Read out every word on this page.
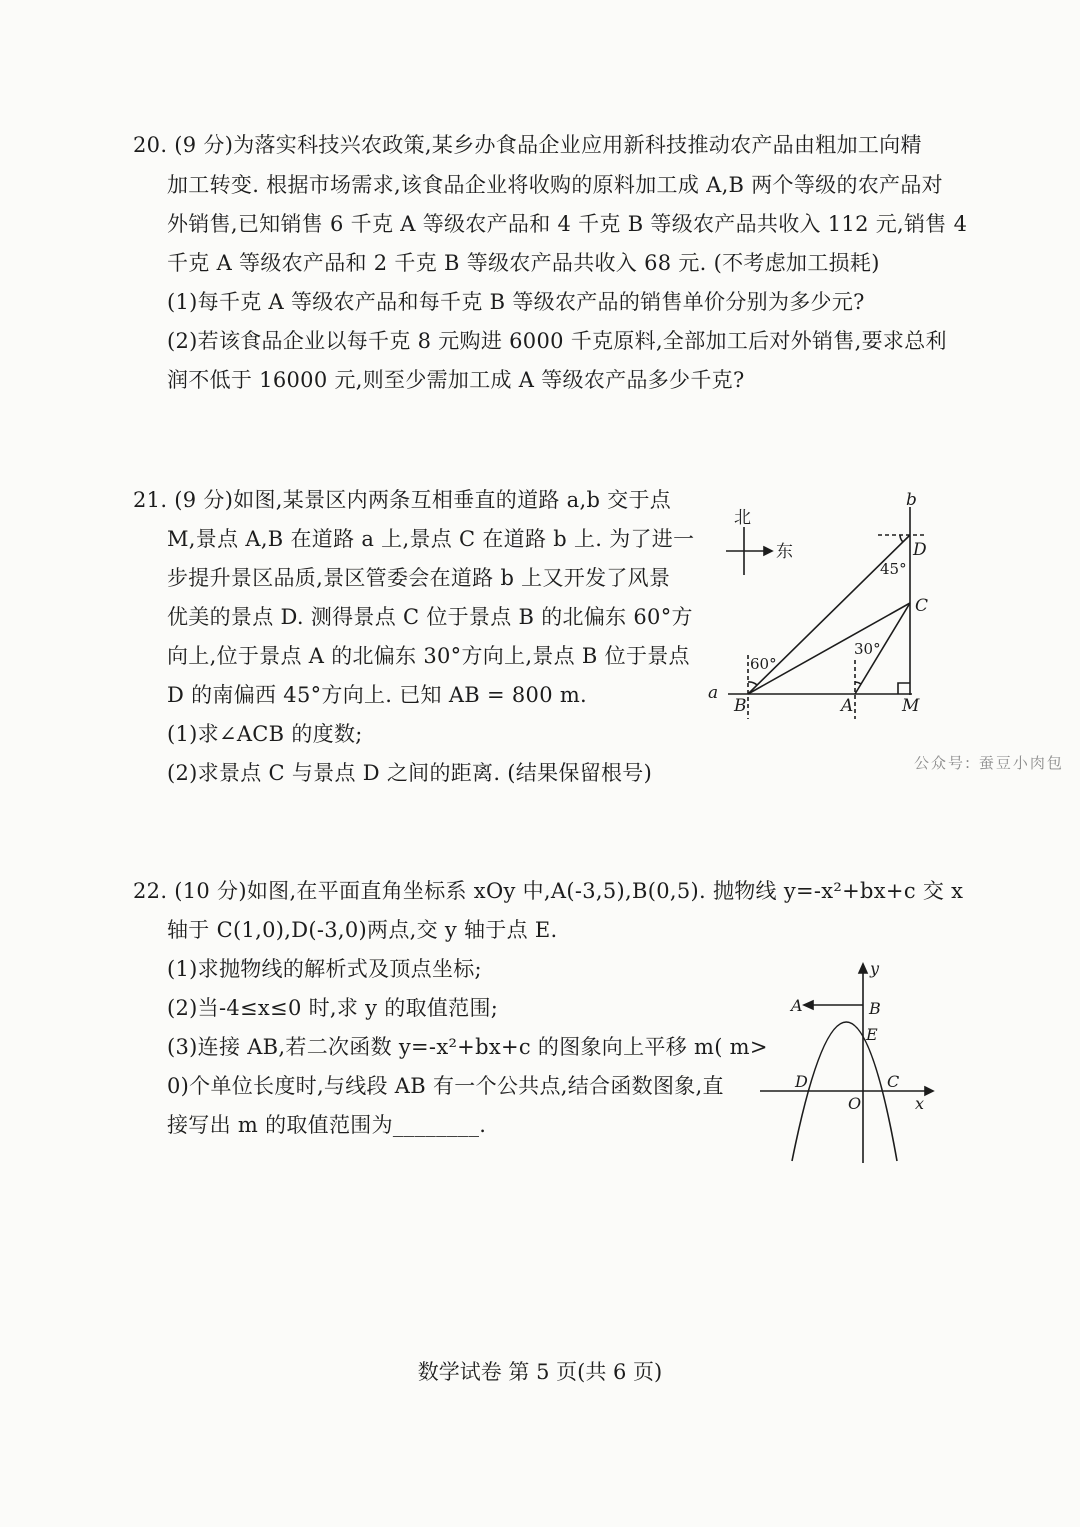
20. (9 分)为落实科技兴农政策,某乡办食品企业应用新科技推动农产品由粗加工向精
加工转变. 根据市场需求,该食品企业将收购的原料加工成 A,B 两个等级的农产品对
外销售,已知销售 6 千克 A 等级农产品和 4 千克 B 等级农产品共收入 112 元,销售 4
千克 A 等级农产品和 2 千克 B 等级农产品共收入 68 元. (不考虑加工损耗)
(1)每千克 A 等级农产品和每千克 B 等级农产品的销售单价分别为多少元?
(2)若该食品企业以每千克 8 元购进 6000 千克原料,全部加工后对外销售,要求总利
润不低于 16000 元,则至少需加工成 A 等级农产品多少千克?
21. (9 分)如图,某景区内两条互相垂直的道路 a,b 交于点
M,景点 A,B 在道路 a 上,景点 C 在道路 b 上. 为了进一
步提升景区品质,景区管委会在道路 b 上又开发了风景
优美的景点 D. 测得景点 C 位于景点 B 的北偏东 60°方
向上,位于景点 A 的北偏东 30°方向上,景点 B 位于景点
D 的南偏西 45°方向上. 已知 AB = 800 m.
(1)求∠ACB 的度数;
(2)求景点 C 与景点 D 之间的距离. (结果保留根号)
北
东
b
D
45°
C
30°
60°
a
B	A	M
公众号: 蚕豆小肉包
22. (10 分)如图,在平面直角坐标系 xOy 中,A(-3,5),B(0,5). 抛物线 y=-x²+bx+c 交 x
轴于 C(1,0),D(-3,0)两点,交 y 轴于点 E.
(1)求抛物线的解析式及顶点坐标;
(2)当-4≤x≤0 时,求 y 的取值范围;
(3)连接 AB,若二次函数 y=-x²+bx+c 的图象向上平移 m( m>
0)个单位长度时,与线段 AB 有一个公共点,结合函数图象,直
接写出 m 的取值范围为________.
y
A	B
E
D	C
O	x
数学试卷 第 5 页(共 6 页)
